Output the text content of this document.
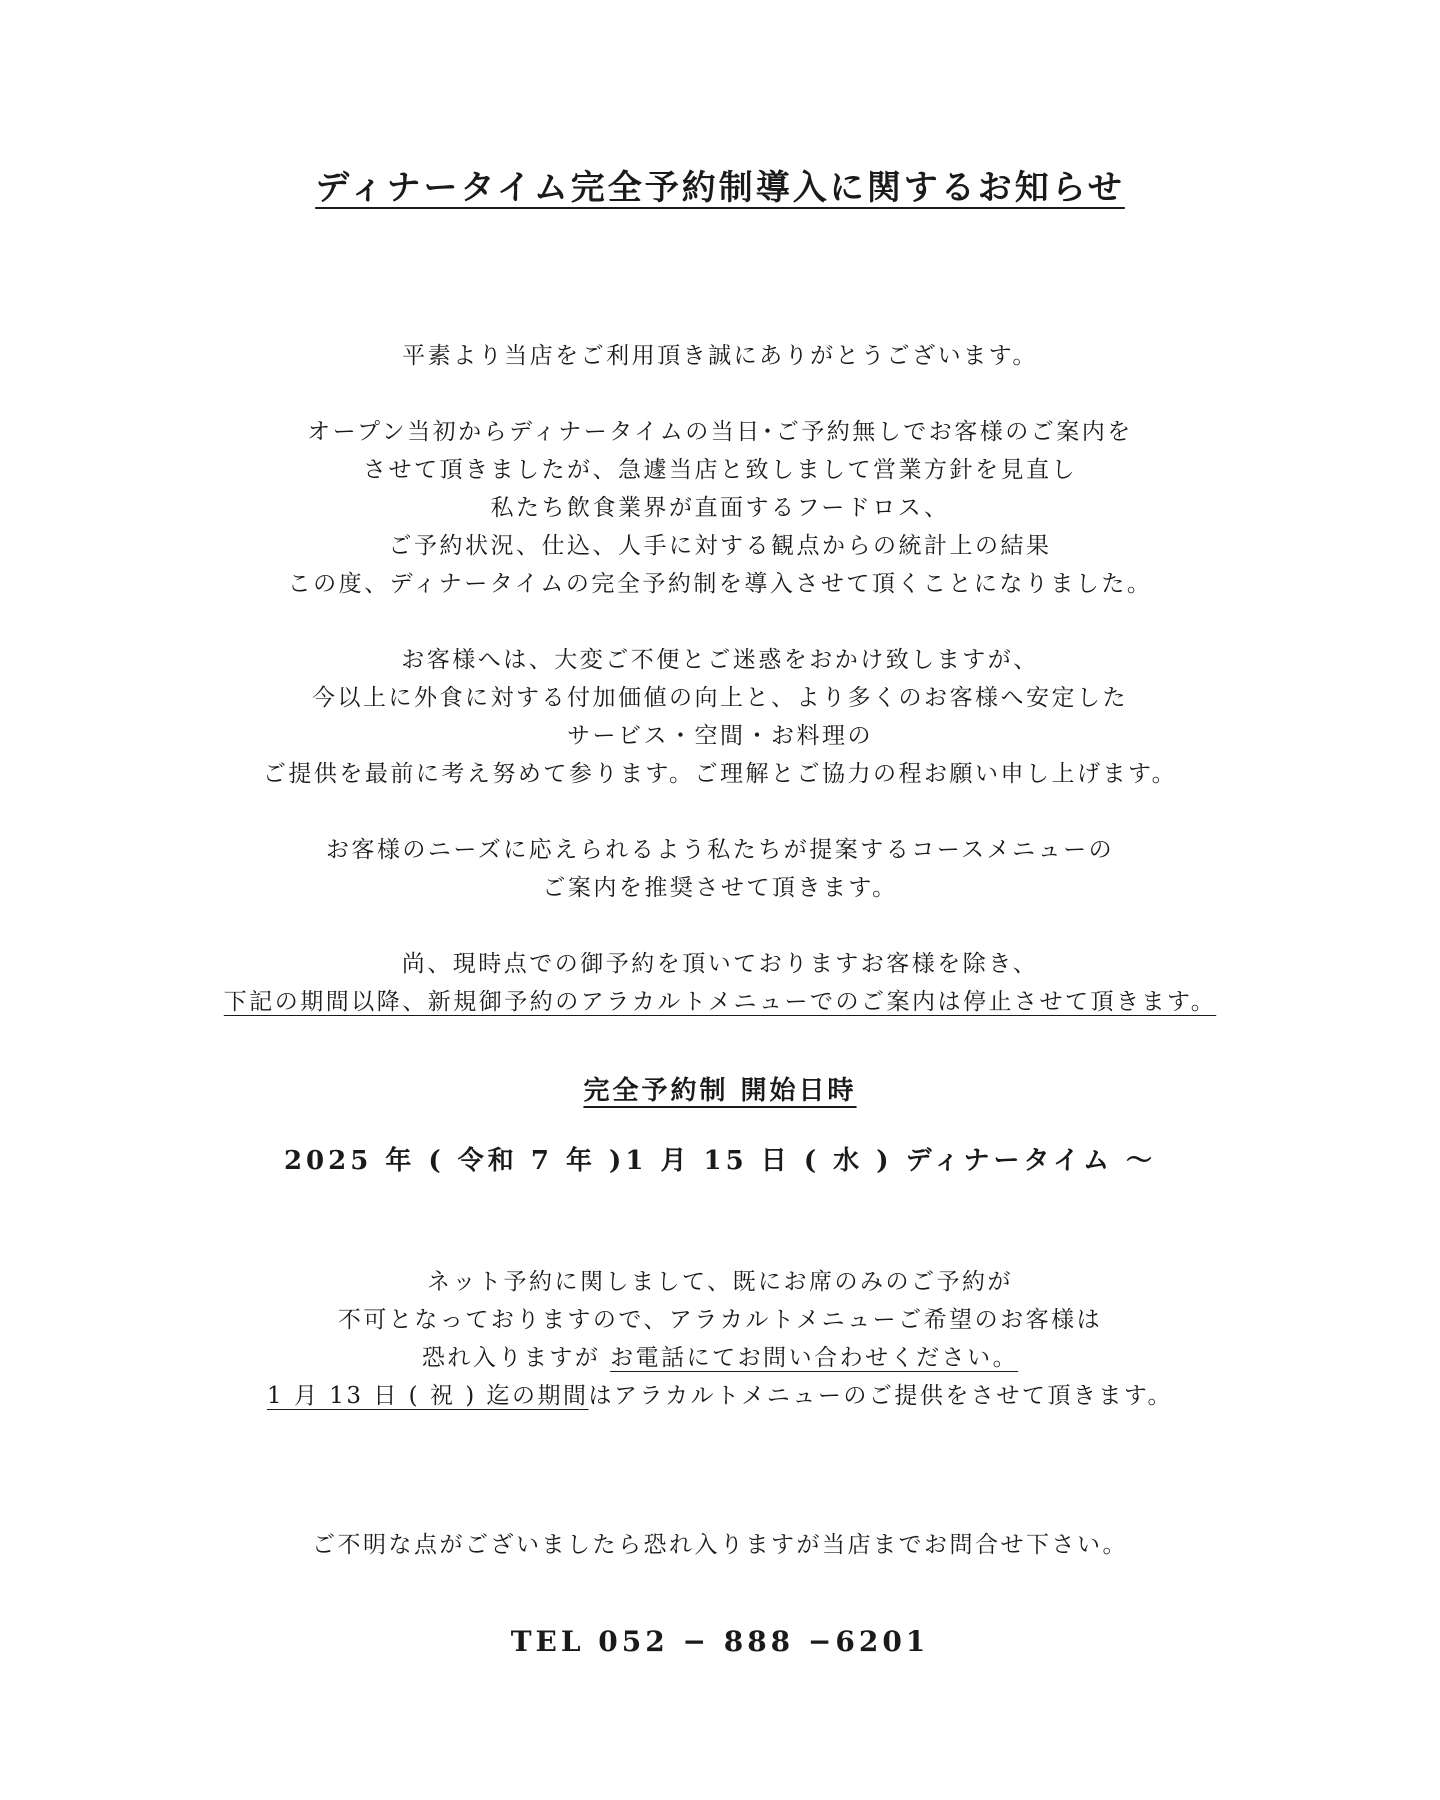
ディナータイム完全予約制導入に関するお知らせ
平素より当店をご利用頂き誠にありがとうございます。
オープン当初からディナータイムの当日･ご予約無しでお客様のご案内を
させて頂きましたが、急遽当店と致しまして営業方針を見直し
私たち飲食業界が直面するフードロス、
ご予約状況、仕込、人手に対する観点からの統計上の結果
この度、ディナータイムの完全予約制を導入させて頂くことになりました。
お客様へは、大変ご不便とご迷惑をおかけ致しますが、
今以上に外食に対する付加価値の向上と、より多くのお客様へ安定した
サービス・空間・お料理の
ご提供を最前に考え努めて参ります。ご理解とご協力の程お願い申し上げます。
お客様のニーズに応えられるよう私たちが提案するコースメニューの
ご案内を推奨させて頂きます。
尚、現時点での御予約を頂いておりますお客様を除き、
下記の期間以降、新規御予約のアラカルトメニューでのご案内は停止させて頂きます。
完全予約制 開始日時
2025 年 ( 令和 7 年 )1 月 15 日 ( 水 ) ディナータイム 〜
ネット予約に関しまして、既にお席のみのご予約が
不可となっておりますので、アラカルトメニューご希望のお客様は
恐れ入りますが お電話にてお問い合わせください。
1 月 13 日 ( 祝 ) 迄の期間はアラカルトメニューのご提供をさせて頂きます。
ご不明な点がございましたら恐れ入りますが当店までお問合せ下さい。
TEL 052 − 888 −6201
